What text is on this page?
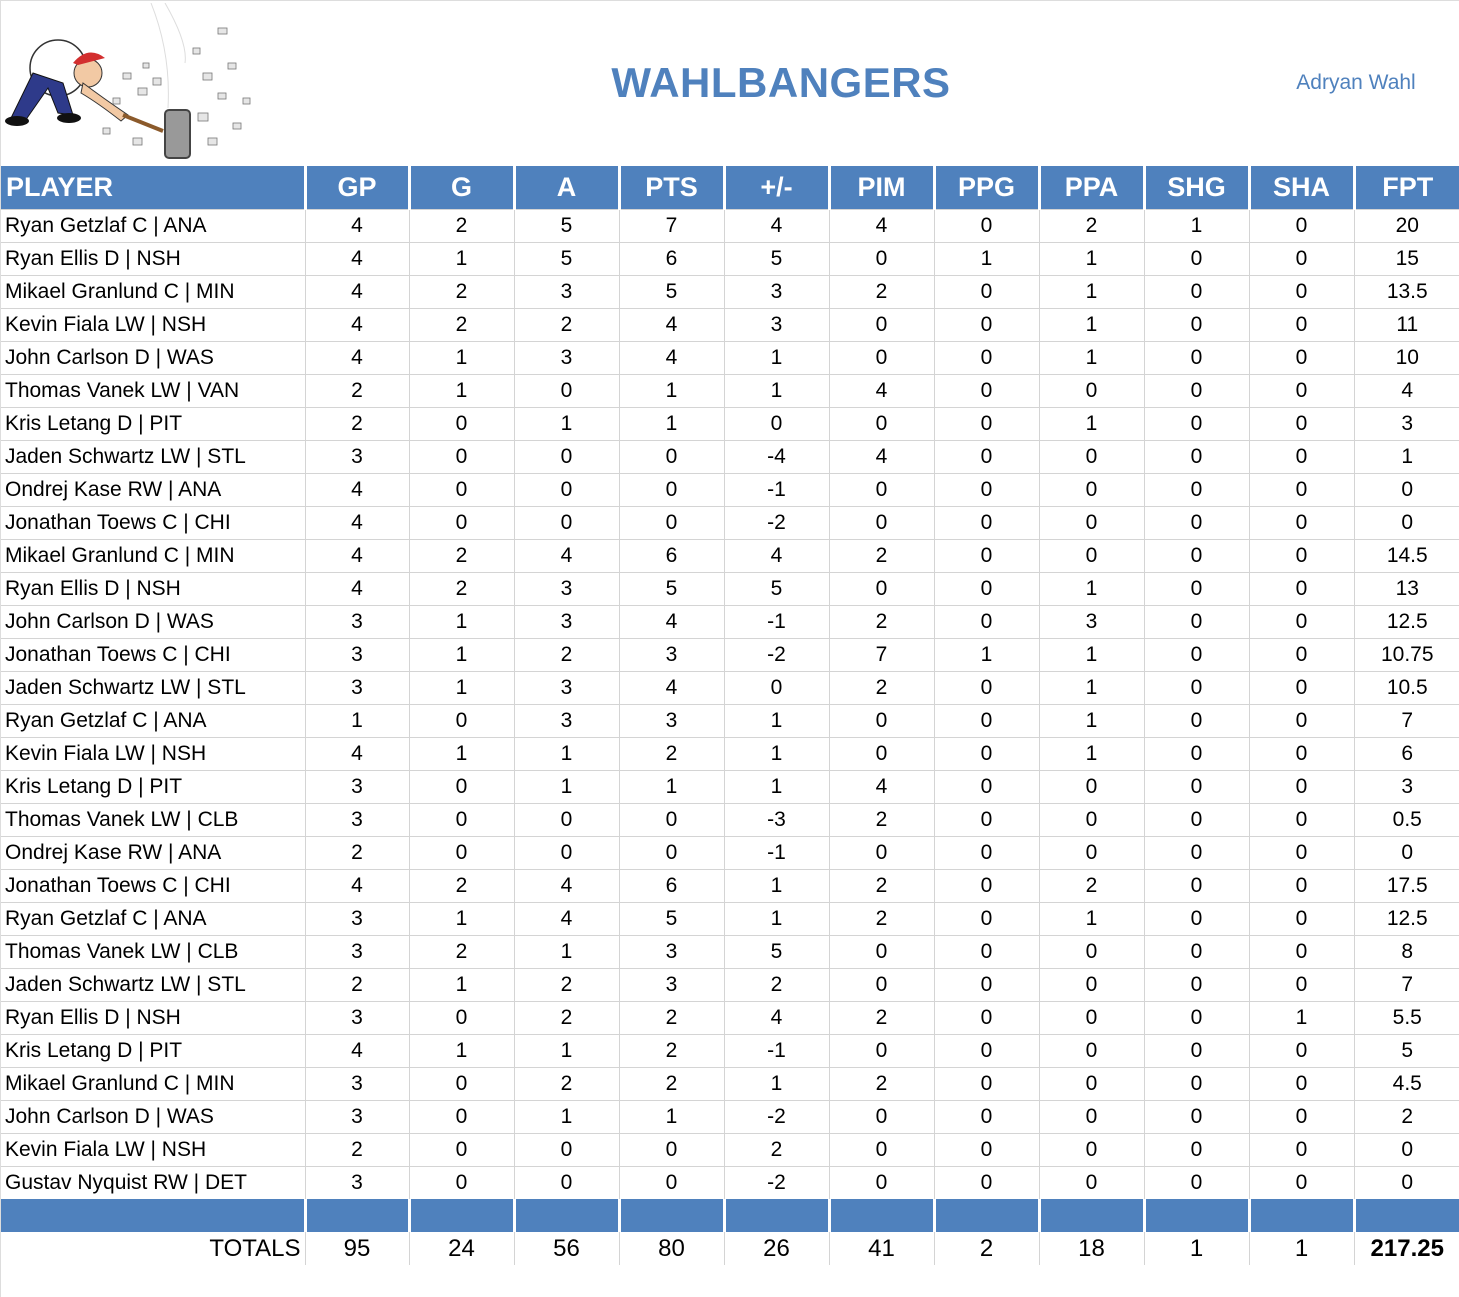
WAHLBANGERS	Adryan Wahl
PLAYER	GP	G	A	PTS	+/-	PIM	PPG	PPA	SHG	SHA	FPT
Ryan Getzlaf C | ANA	4	2	5	7	4	4	0	2	1	0	20
Ryan Ellis D | NSH	4	1	5	6	5	0	1	1	0	0	15
Mikael Granlund C | MIN	4	2	3	5	3	2	0	1	0	0	13.5
Kevin Fiala LW | NSH	4	2	2	4	3	0	0	1	0	0	11
John Carlson D | WAS	4	1	3	4	1	0	0	1	0	0	10
Thomas Vanek LW | VAN	2	1	0	1	1	4	0	0	0	0	4
Kris Letang D | PIT	2	0	1	1	0	0	0	1	0	0	3
Jaden Schwartz LW | STL	3	0	0	0	-4	4	0	0	0	0	1
Ondrej Kase RW | ANA	4	0	0	0	-1	0	0	0	0	0	0
Jonathan Toews C | CHI	4	0	0	0	-2	0	0	0	0	0	0
Mikael Granlund C | MIN	4	2	4	6	4	2	0	0	0	0	14.5
Ryan Ellis D | NSH	4	2	3	5	5	0	0	1	0	0	13
John Carlson D | WAS	3	1	3	4	-1	2	0	3	0	0	12.5
Jonathan Toews C | CHI	3	1	2	3	-2	7	1	1	0	0	10.75
Jaden Schwartz LW | STL	3	1	3	4	0	2	0	1	0	0	10.5
Ryan Getzlaf C | ANA	1	0	3	3	1	0	0	1	0	0	7
Kevin Fiala LW | NSH	4	1	1	2	1	0	0	1	0	0	6
Kris Letang D | PIT	3	0	1	1	1	4	0	0	0	0	3
Thomas Vanek LW | CLB	3	0	0	0	-3	2	0	0	0	0	0.5
Ondrej Kase RW | ANA	2	0	0	0	-1	0	0	0	0	0	0
Jonathan Toews C | CHI	4	2	4	6	1	2	0	2	0	0	17.5
Ryan Getzlaf C | ANA	3	1	4	5	1	2	0	1	0	0	12.5
Thomas Vanek LW | CLB	3	2	1	3	5	0	0	0	0	0	8
Jaden Schwartz LW | STL	2	1	2	3	2	0	0	0	0	0	7
Ryan Ellis D | NSH	3	0	2	2	4	2	0	0	0	1	5.5
Kris Letang D | PIT	4	1	1	2	-1	0	0	0	0	0	5
Mikael Granlund C | MIN	3	0	2	2	1	2	0	0	0	0	4.5
John Carlson D | WAS	3	0	1	1	-2	0	0	0	0	0	2
Kevin Fiala LW | NSH	2	0	0	0	2	0	0	0	0	0	0
Gustav Nyquist RW | DET	3	0	0	0	-2	0	0	0	0	0	0

TOTALS	95	24	56	80	26	41	2	18	1	1	217.25
